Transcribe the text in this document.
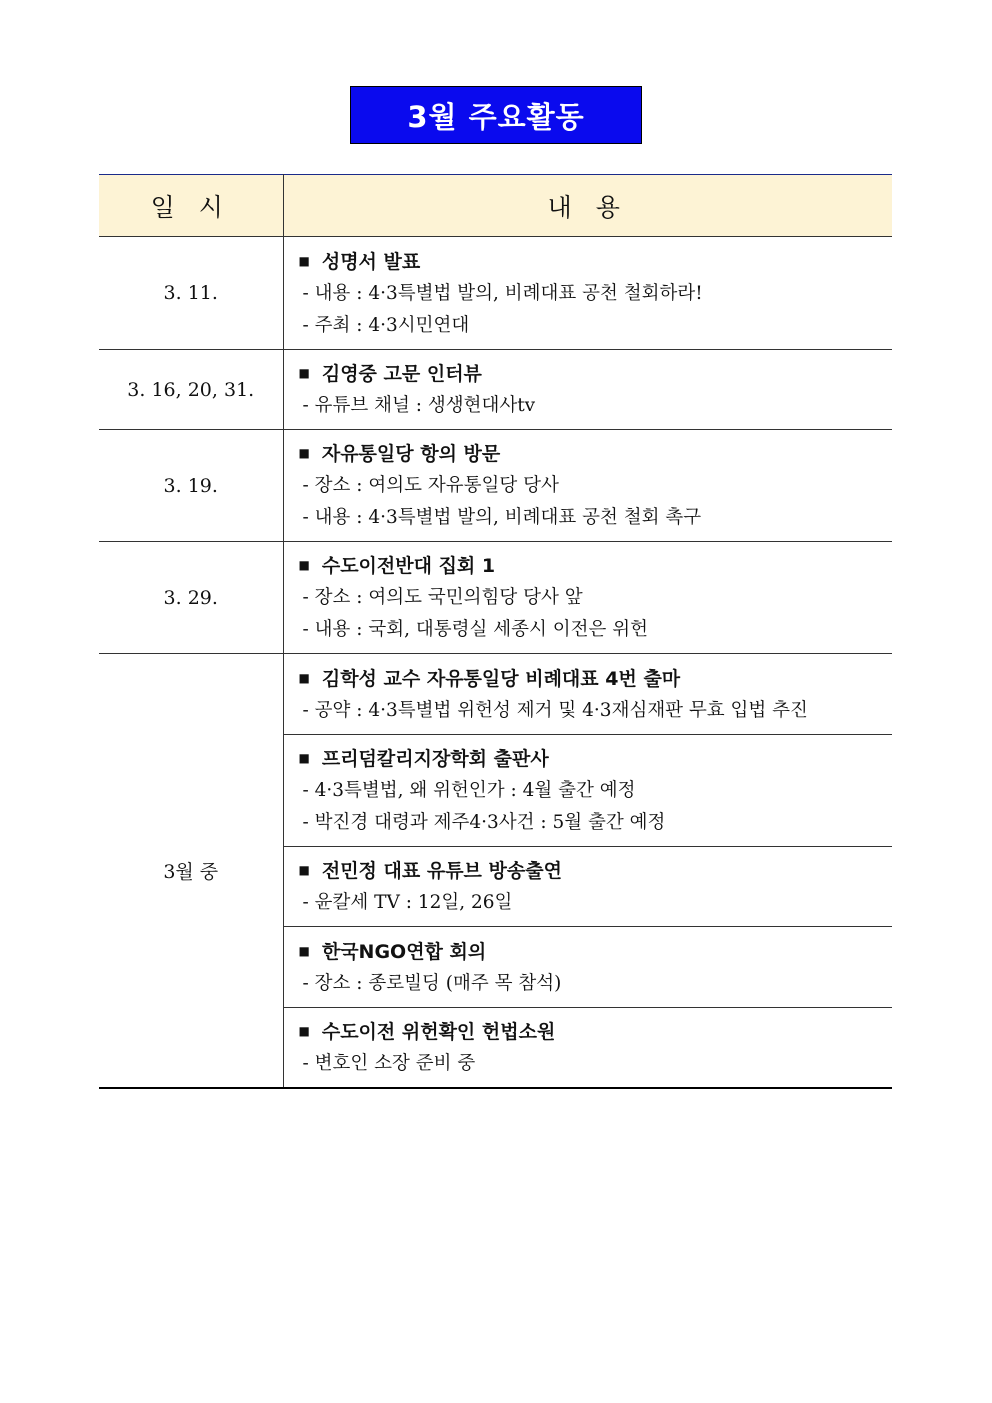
3월 주요활동
일 시	내 용
3. 11.	■ 성명서 발표
- 내용 : 4·3특별법 발의, 비례대표 공천 철회하라!
- 주최 : 4·3시민연대

3. 16, 20, 31.	■ 김영중 고문 인터뷰
- 유튜브 채널 : 생생현대사tv

3. 19.	■ 자유통일당 항의 방문
- 장소 : 여의도 자유통일당 당사
- 내용 : 4·3특별법 발의, 비례대표 공천 철회 촉구

3. 29.	■ 수도이전반대 집회 1
- 장소 : 여의도 국민의힘당 당사 앞
- 내용 : 국회, 대통령실 세종시 이전은 위헌

3월 중	■ 김학성 교수 자유통일당 비례대표 4번 출마
- 공약 : 4·3특별법 위헌성 제거 및 4·3재심재판 무효 입법 추진

	■ 프리덤칼리지장학회 출판사
- 4·3특별법, 왜 위헌인가 : 4월 출간 예정
- 박진경 대령과 제주4·3사건 : 5월 출간 예정

	■ 전민정 대표 유튜브 방송출연
- 윤칼세 TV : 12일, 26일

	■ 한국NGO연합 회의
- 장소 : 종로빌딩 (매주 목 참석)

	■ 수도이전 위헌확인 헌법소원
- 변호인 소장 준비 중
